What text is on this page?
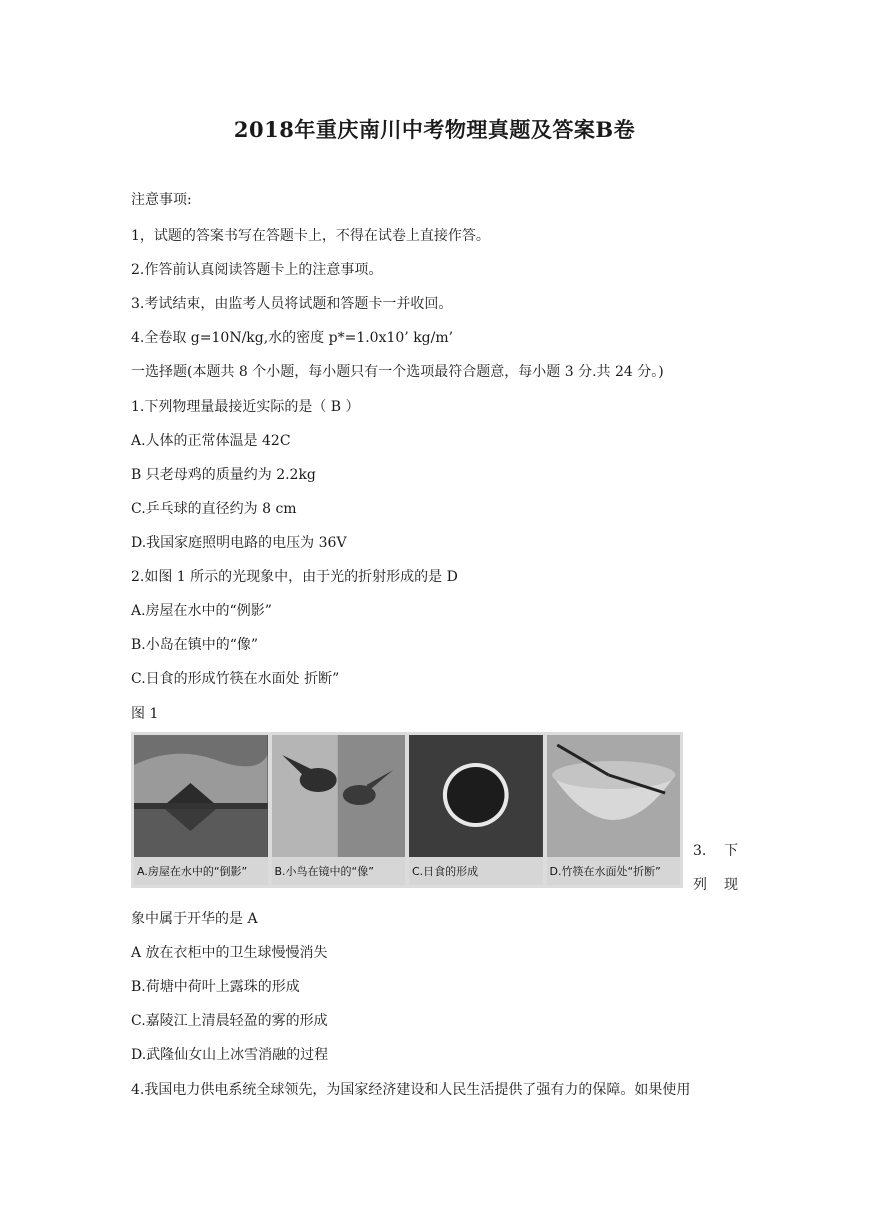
2018年重庆南川中考物理真题及答案B卷
注意事项:
1，试题的答案书写在答题卡上，不得在试卷上直接作答。
2.作答前认真阅读答题卡上的注意事项。
3.考试结束，由监考人员将试题和答题卡一并收回。
4.全卷取 g=10N/kg,水的密度 p*=1.0x10’ kg/m’
一选择题(本题共 8 个小题，每小题只有一个选项最符合题意，每小题 3 分.共 24 分。)
1.下列物理量最接近实际的是（ B ）
A.人体的正常体温是 42C
B 只老母鸡的质量约为 2.2kg
C.乒乓球的直径约为 8 cm
D.我国家庭照明电路的电压为 36V
2.如图 1 所示的光现象中，由于光的折射形成的是 D
A.房屋在水中的“例影”
B.小岛在镇中的“像”
C.日食的形成竹筷在水面处 折断”
图 1
A.房屋在水中的“倒影”	B.小鸟在镜中的“像”	C.日食的形成	D.竹筷在水面处“折断”
3. 下
列 现
象中属于开华的是 A
A 放在衣柜中的卫生球慢慢消失
B.荷塘中荷叶上露珠的形成
C.嘉陵江上清晨轻盈的雾的形成
D.武隆仙女山上冰雪消融的过程
4.我国电力供电系统全球领先，为国家经济建设和人民生活提供了强有力的保障。如果使用
